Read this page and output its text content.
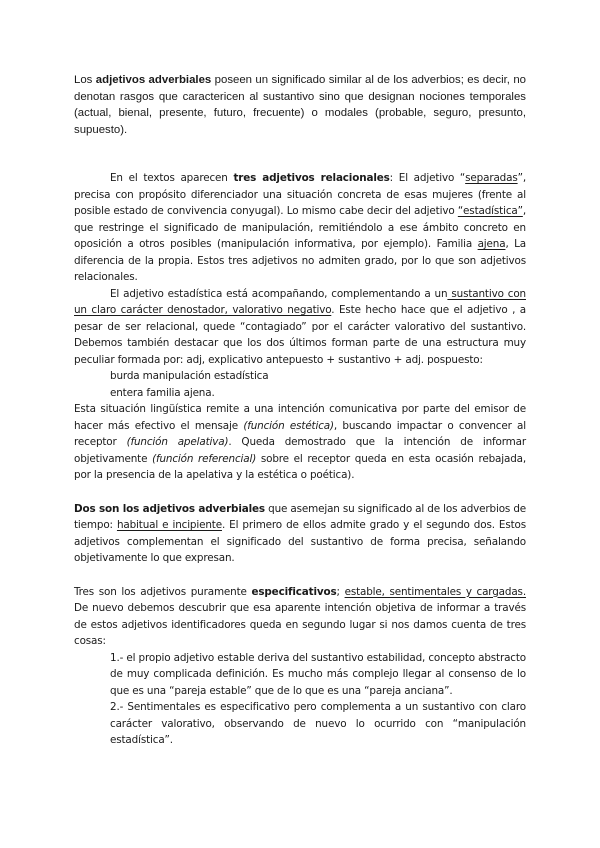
Los adjetivos adverbiales poseen un significado similar al de los adverbios; es decir, no denotan rasgos que caractericen al sustantivo sino que designan nociones temporales (actual, bienal, presente, futuro, frecuente) o modales (probable, seguro, presunto, supuesto).

En el textos aparecen tres adjetivos relacionales: El adjetivo “separadas”, precisa con propósito diferenciador una situación concreta de esas mujeres (frente al posible estado de convivencia conyugal). Lo mismo cabe decir del adjetivo “estadística”, que restringe el significado de manipulación, remitiéndolo a ese ámbito concreto en oposición a otros posibles (manipulación informativa, por ejemplo). Familia ajena, La diferencia de la propia. Estos tres adjetivos no admiten grado, por lo que son adjetivos relacionales.

El adjetivo estadística está acompañando, complementando a un sustantivo con un claro carácter denostador, valorativo negativo. Este hecho hace que el adjetivo , a pesar de ser relacional, quede “contagiado” por el carácter valorativo del sustantivo. Debemos también destacar que los dos últimos forman parte de una estructura muy peculiar formada por: adj, explicativo antepuesto + sustantivo + adj. pospuesto:

burda manipulación estadística

entera familia ajena.

Esta situación lingüística remite a una intención comunicativa por parte del emisor de hacer más efectivo el mensaje (función estética), buscando impactar o convencer al receptor (función apelativa). Queda demostrado que la intención de informar objetivamente (función referencial) sobre el receptor queda en esta ocasión rebajada, por la presencia de la apelativa y la estética o poética).

Dos son los adjetivos adverbiales que asemejan su significado al de los adverbios de tiempo: habitual e incipiente. El primero de ellos admite grado y el segundo dos. Estos adjetivos complementan el significado del sustantivo de forma precisa, señalando objetivamente lo que expresan.

Tres son los adjetivos puramente especificativos; estable, sentimentales y cargadas. De nuevo debemos descubrir que esa aparente intención objetiva de informar a través de estos adjetivos identificadores queda en segundo lugar si nos damos cuenta de tres cosas:

1.- el propio adjetivo estable deriva del sustantivo estabilidad, concepto abstracto de muy complicada definición. Es mucho más complejo llegar al consenso de lo que es una “pareja estable” que de lo que es una “pareja anciana”.

2.- Sentimentales es especificativo pero complementa a un sustantivo con claro carácter valorativo, observando de nuevo lo ocurrido con “manipulación estadística”.
